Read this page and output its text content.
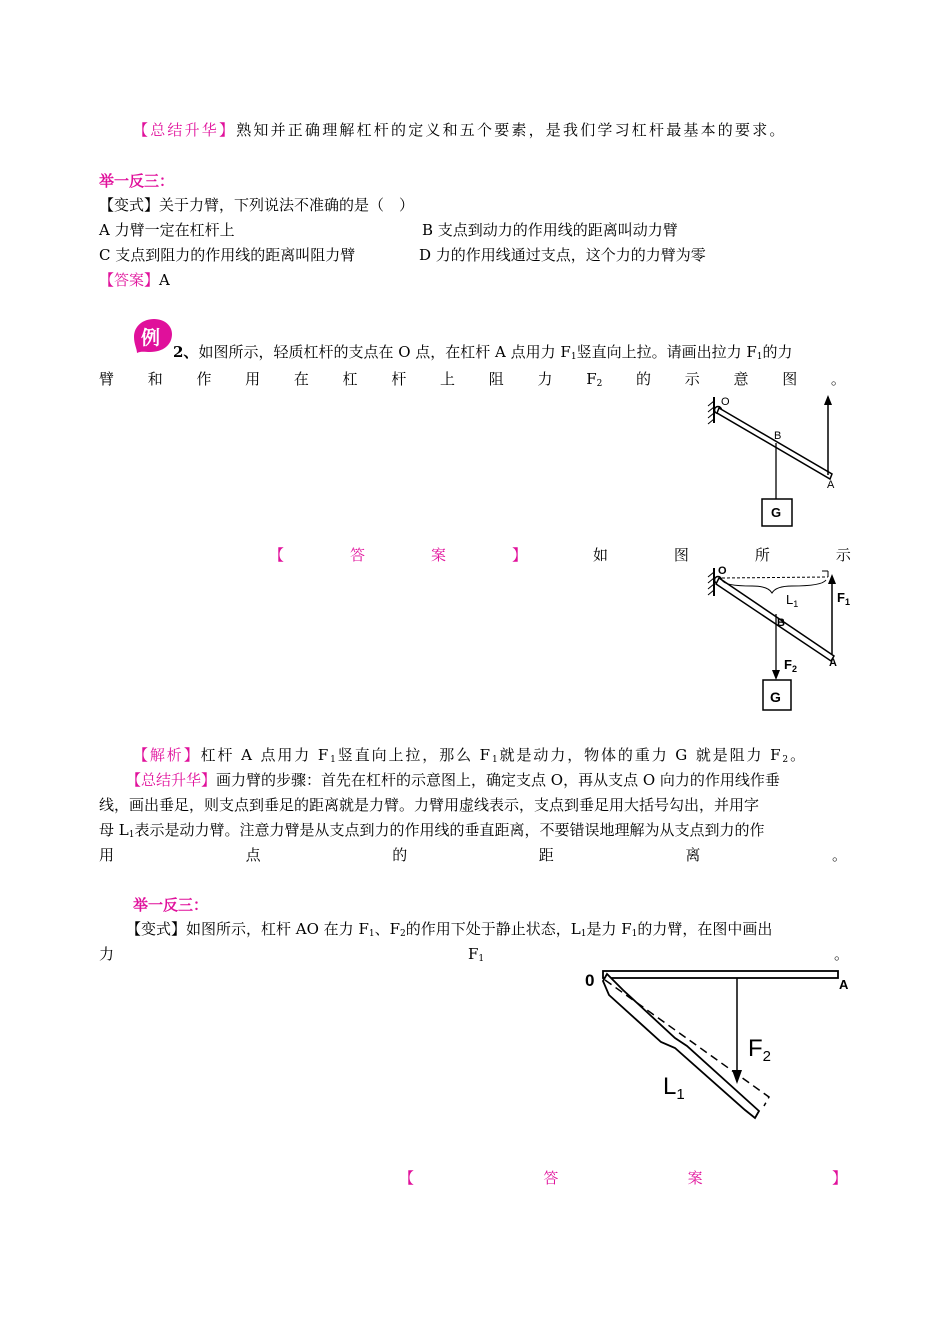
【总结升华】熟知并正确理解杠杆的定义和五个要素，是我们学习杠杆最基本的要求。
举一反三：
【变式】关于力臂，下列说法不准确的是（　）
A 力臂一定在杠杆上	B 支点到动力的作用线的距离叫动力臂
C 支点到阻力的作用线的距离叫阻力臂	D 力的作用线通过支点，这个力的力臂为零
【答案】A
例
2、如图所示，轻质杠杆的支点在 O 点，在杠杆 A 点用力 $F_1$竖直向上拉。请画出拉力 $F_1$的力
臂 和 作 用 在 杠 杆 上 阻 力 $F_2$ 的 示 意 图 。
O
B
A
G
【	答	案	】	如	图	所	示
O
B
A
G
$L_1$	$F_1$
$F_2$
【解析】杠杆 A 点用力 $F_1$竖直向上拉，那么 $F_1$就是动力，物体的重力 G 就是阻力 $F_2$。
【总结升华】画力臂的步骤：首先在杠杆的示意图上，确定支点 O，再从支点 O 向力的作用线作垂
线，画出垂足，则支点到垂足的距离就是力臂。力臂用虚线表示，支点到垂足用大括号勾出，并用字
母 $L_1$表示是动力臂。注意力臂是从支点到力的作用线的垂直距离，不要错误地理解为从支点到力的作
用	点	的	距	离	。
举一反三：
【变式】如图所示，杠杆 AO 在力 $F_1$、$F_2$的作用下处于静止状态，$L_1$是力 $F_1$的力臂，在图中画出
力	$F_1$	。
0	A
$F_2$
$L_1$
【	答	案	】
